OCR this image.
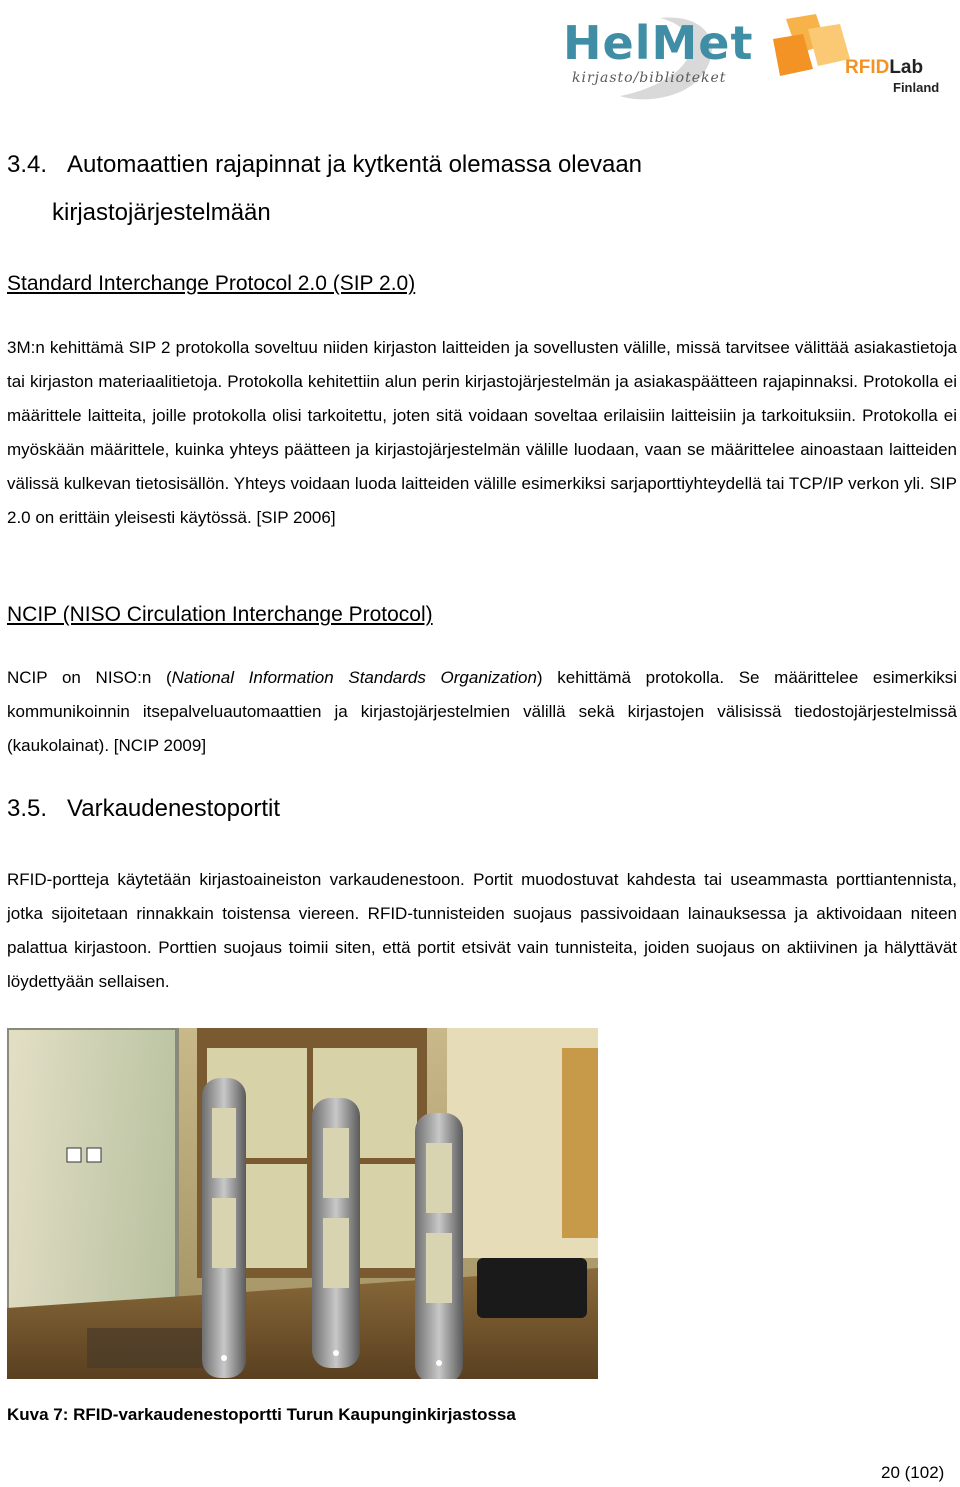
HelMet
kirjasto/biblioteket	RFIDLab
Finland
3.4. Automaattien rajapinnat ja kytkentä olemassa olevaan
kirjastojärjestelmään
Standard Interchange Protocol 2.0 (SIP 2.0)

3M:n kehittämä SIP 2 protokolla soveltuu niiden kirjaston laitteiden ja sovellusten välille, missä tarvitsee välittää asiakastietoja tai kirjaston materiaalitietoja. Protokolla kehitettiin alun perin kirjastojärjestelmän ja asiakaspäätteen rajapinnaksi. Protokolla ei määrittele laitteita, joille protokolla olisi tarkoitettu, joten sitä voidaan soveltaa erilaisiin laitteisiin ja tarkoituksiin. Protokolla ei myöskään määrittele, kuinka yhteys päätteen ja kirjastojärjestelmän välille luodaan, vaan se määrittelee ainoastaan laitteiden välissä kulkevan tietosisällön. Yhteys voidaan luoda laitteiden välille esimerkiksi sarjaporttiyhteydellä tai TCP/IP verkon yli. SIP 2.0 on erittäin yleisesti käytössä. [SIP 2006]

NCIP (NISO Circulation Interchange Protocol)

NCIP on NISO:n (National Information Standards Organization) kehittämä protokolla. Se määrittelee esimerkiksi kommunikoinnin itsepalveluautomaattien ja kirjastojärjestelmien välillä sekä kirjastojen välisissä tiedostojärjestelmissä (kaukolainat). [NCIP 2009]

3.5. Varkaudenestoportit

RFID-portteja käytetään kirjastoaineiston varkaudenestoon. Portit muodostuvat kahdesta tai useammasta porttiantennista, jotka sijoitetaan rinnakkain toistensa viereen. RFID-tunnisteiden suojaus passivoidaan lainauksessa ja aktivoidaan niteen palattua kirjastoon. Porttien suojaus toimii siten, että portit etsivät vain tunnisteita, joiden suojaus on aktiivinen ja hälyttävät löydettyään sellaisen.

Kuva 7: RFID-varkaudenestoportti Turun Kaupunginkirjastossa
20 (102)
